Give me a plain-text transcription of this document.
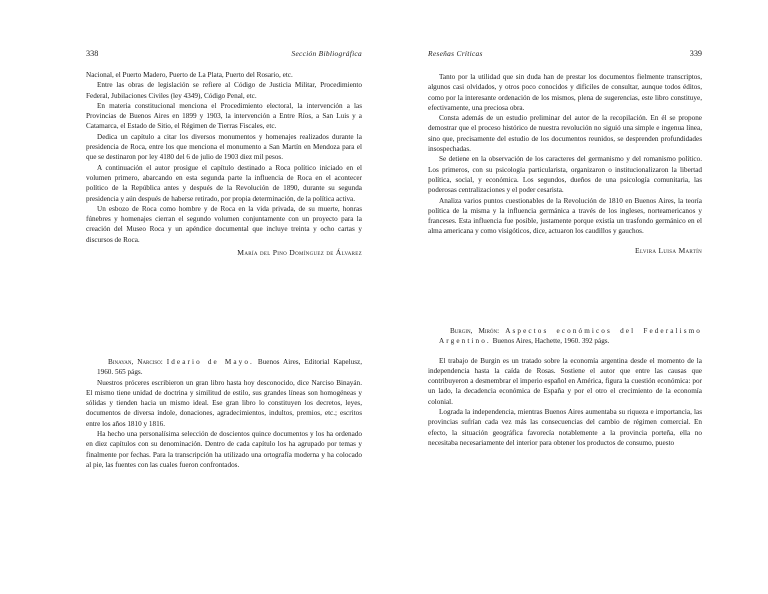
338	Sección Bibliográfica

Nacional, el Puerto Madero, Puerto de La Plata, Puerto del Rosario, etc.

Entre las obras de legislación se refiere al Código de Justicia Militar, Procedimiento Federal, Jubilaciones Civiles (ley 4349), Código Penal, etc.

En materia constitucional menciona el Procedimiento electoral, la intervención a las Provincias de Buenos Aires en 1899 y 1903, la intervención a Entre Ríos, a San Luis y a Catamarca, el Estado de Sitio, el Régimen de Tierras Fiscales, etc.

Dedica un capítulo a citar los diversos monumentos y homenajes realizados durante la presidencia de Roca, entre los que menciona el monumento a San Martín en Mendoza para el que se destinaron por ley 4180 del 6 de julio de 1903 diez mil pesos.

A continuación el autor prosigue el capítulo destinado a Roca político iniciado en el volumen primero, abarcando en esta segunda parte la influencia de Roca en el acontecer político de la República antes y después de la Revolución de 1890, durante su segunda presidencia y aún después de haberse retirado, por propia determinación, de la política activa.

Un esbozo de Roca como hombre y de Roca en la vida privada, de su muerte, honras fúnebres y homenajes cierran el segundo volumen conjuntamente con un proyecto para la creación del Museo Roca y un apéndice documental que incluye treinta y ocho cartas y discursos de Roca.

María del Pino Domínguez de Álvarez

Binayan, Narciso: Ideario de Mayo. Buenos Aires, Editorial Kapelusz, 1960. 565 págs.

Nuestros próceres escribieron un gran libro hasta hoy desconocido, dice Narciso Binayán. El mismo tiene unidad de doctrina y similitud de estilo, sus grandes líneas son homogéneas y sólidas y tienden hacia un mismo ideal. Ese gran libro lo constituyen los decretos, leyes, documentos de diversa índole, donaciones, agradecimientos, indultos, premios, etc.; escritos entre los años 1810 y 1816.

Ha hecho una personalísima selección de doscientos quince documentos y los ha ordenado en diez capítulos con su denominación. Dentro de cada capítulo los ha agrupado por temas y finalmente por fechas. Para la transcripción ha utilizado una ortografía moderna y ha colocado al pie, las fuentes con las cuales fueron confrontados.

Reseñas Críticas	339

Tanto por la utilidad que sin duda han de prestar los documentos fielmente transcriptos, algunos casi olvidados, y otros poco conocidos y difíciles de consultar, aunque todos éditos, como por la interesante ordenación de los mismos, plena de sugerencias, este libro constituye, efectivamente, una preciosa obra.

Consta además de un estudio preliminar del autor de la recopilación. En él se propone demostrar que el proceso histórico de nuestra revolución no siguió una simple e ingenua línea, sino que, precisamente del estudio de los documentos reunidos, se desprenden profundidades insospechadas.

Se detiene en la observación de los caracteres del germanismo y del romanismo político. Los primeros, con su psicología particularista, organizaron o institucionalizaron la libertad política, social, y económica. Los segundos, dueños de una psicología comunitaria, las poderosas centralizaciones y el poder cesarista.

Analiza varios puntos cuestionables de la Revolución de 1810 en Buenos Aires, la teoría política de la misma y la influencia germánica a través de los ingleses, norteamericanos y franceses. Esta influencia fue posible, justamente porque existía un trasfondo germánico en el alma americana y como visigóticos, dice, actuaron los caudillos y gauchos.

Elvira Luisa Martín

Burgin, Mirón: Aspectos económicos del Federalismo Argentino. Buenos Aires, Hachette, 1960. 392 págs.

El trabajo de Burgin es un tratado sobre la economía argentina desde el momento de la independencia hasta la caída de Rosas. Sostiene el autor que entre las causas que contribuyeron a desmembrar el imperio español en América, figura la cuestión económica: por un lado, la decadencia económica de España y por el otro el crecimiento de la economía colonial.

Lograda la independencia, mientras Buenos Aires aumentaba su riqueza e importancia, las provincias sufrían cada vez más las consecuencias del cambio de régimen comercial. En efecto, la situación geográfica favorecía notablemente a la provincia porteña, ella no necesitaba necesariamente del interior para obtener los productos de consumo, puesto
